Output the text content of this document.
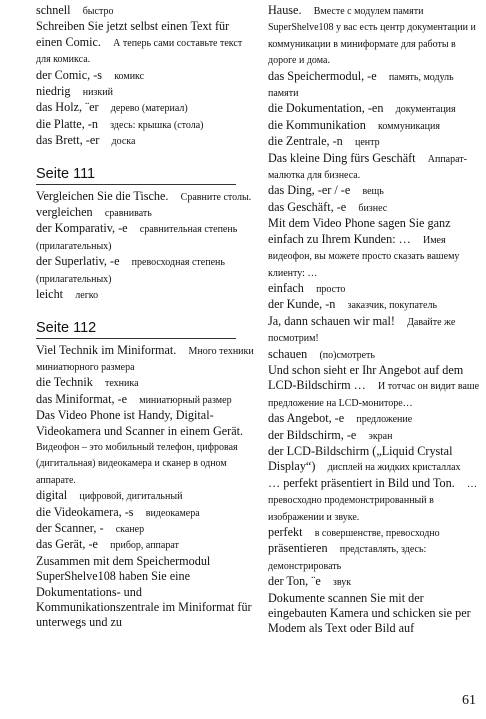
schnell  быстро

Schreiben Sie jetzt selbst einen Text für einen Comic.  А теперь сами составьте текст для комикса.

der Comic, -s  комикс

niedrig  низкий

das Holz, ¨er  дерево (материал)

die Platte, -n  здесь: крышка (стола)

das Brett, -er  доска

Seite 111

Vergleichen Sie die Tische.  Сравните столы.

vergleichen  сравнивать

der Komparativ, -e  сравнительная степень (прилагательных)

der Superlativ, -e  превосходная степень (прилагательных)

leicht  легко

Seite 112

Viel Technik im Miniformat.  Много техники миниатюрного размера

die Technik  техника

das Miniformat, -e  миниатюрный размер

Das Video Phone ist Handy, Digital-Videokamera und Scanner in einem Gerät. Видеофон – это мобильный телефон, цифровая (дигитальная) видеокамера и сканер в одном аппарате.

digital  цифровой, дигитальный

die Videokamera, -s  видеокамера

der Scanner, -  сканер

das Gerät, -e  прибор, аппарат

Zusammen mit dem Speichermodul SuperShelve108 haben Sie eine Dokumentations- und Kommunikationszentrale im Miniformat für unterwegs und zu

Hause.  Вместе с модулем памяти SuperShelve108 у вас есть центр документации и коммуникации в миниформате для работы в дороге и дома.

das Speichermodul, -e  память, модуль памяти

die Dokumentation, -en  документация

die Kommunikation  коммуникация

die Zentrale, -n  центр

Das kleine Ding fürs Geschäft  Аппарат-малютка для бизнеса.

das Ding, -er / -e  вещь

das Geschäft, -e  бизнес

Mit dem Video Phone sagen Sie ganz einfach zu Ihrem Kunden: …  Имея видеофон, вы можете просто сказать вашему клиенту: …

einfach  просто

der Kunde, -n  заказчик, покупатель

Ja, dann schauen wir mal!  Давайте же посмотрим!

schauen  (по)смотреть

Und schon sieht er Ihr Angebot auf dem LCD-Bildschirm …  И тотчас он видит ваше предложение на LCD-мониторе…

das Angebot, -e  предложение

der Bildschirm, -e  экран

der LCD-Bildschirm („Liquid Crystal Display“)  дисплей на жидких кристаллах

… perfekt präsentiert in Bild und Ton.  … превосходно продемонстрированный в изображении и звуке.

perfekt  в совершенстве, превосходно

präsentieren  представлять, здесь: демонстрировать

der Ton, ¨e  звук

Dokumente scannen Sie mit der eingebauten Kamera und schicken sie per Modem als Text oder Bild auf

61
